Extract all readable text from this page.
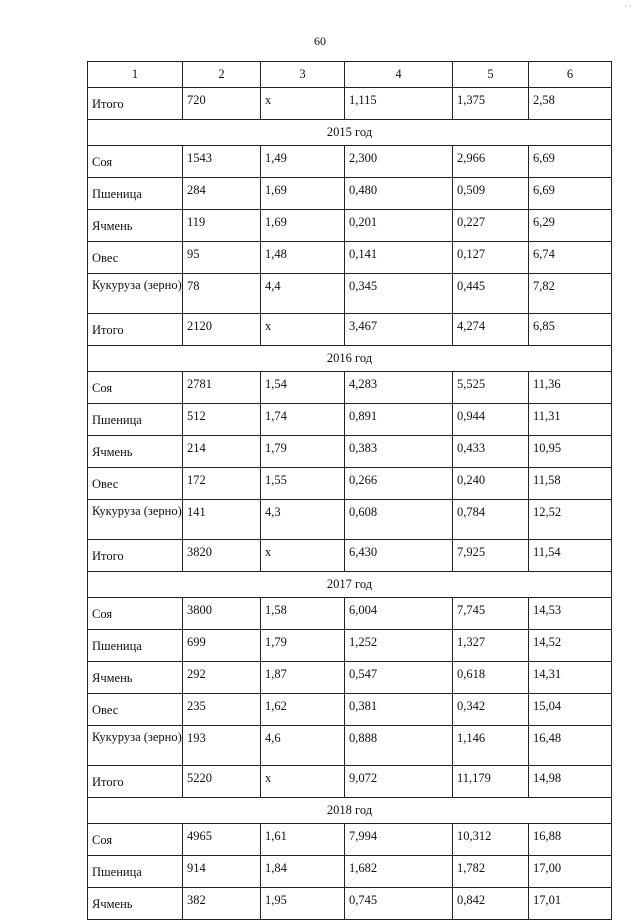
· ·
60
1	2	3	4	5	6
Итого	720	x	1,115	1,375	2,58
2015 год					
Соя	1543	1,49	2,300	2,966	6,69
Пшеница	284	1,69	0,480	0,509	6,69
Ячмень	119	1,69	0,201	0,227	6,29
Овес	95	1,48	0,141	0,127	6,74
Кукуруза (зерно)	78	4,4	0,345	0,445	7,82
Итого	2120	x	3,467	4,274	6,85
2016 год					
Соя	2781	1,54	4,283	5,525	11,36
Пшеница	512	1,74	0,891	0,944	11,31
Ячмень	214	1,79	0,383	0,433	10,95
Овес	172	1,55	0,266	0,240	11,58
Кукуруза (зерно)	141	4,3	0,608	0,784	12,52
Итого	3820	x	6,430	7,925	11,54
2017 год					
Соя	3800	1,58	6,004	7,745	14,53
Пшеница	699	1,79	1,252	1,327	14,52
Ячмень	292	1,87	0,547	0,618	14,31
Овес	235	1,62	0,381	0,342	15,04
Кукуруза (зерно)	193	4,6	0,888	1,146	16,48
Итого	5220	x	9,072	11,179	14,98
2018 год					
Соя	4965	1,61	7,994	10,312	16,88
Пшеница	914	1,84	1,682	1,782	17,00
Ячмень	382	1,95	0,745	0,842	17,01
